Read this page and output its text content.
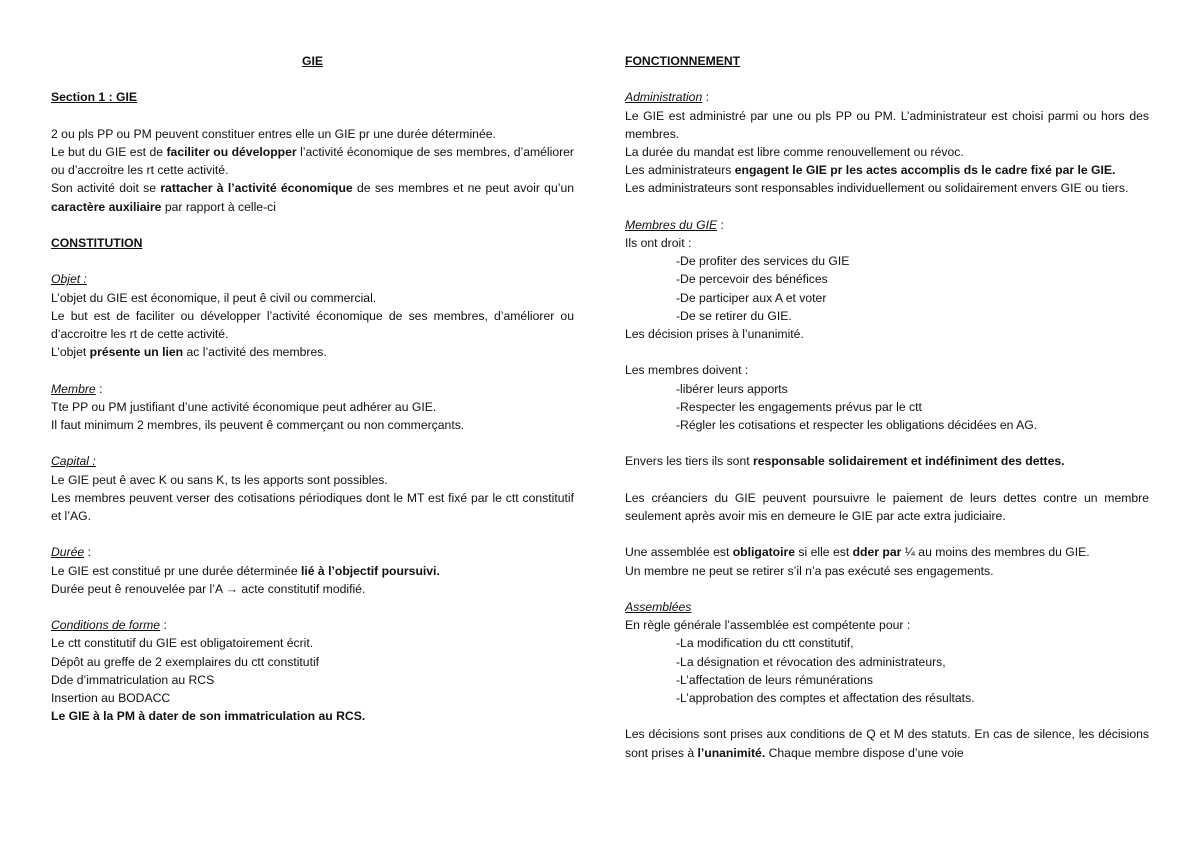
GIE

Section 1 : GIE

2 ou pls PP ou PM peuvent constituer entres elle un GIE pr une durée déterminée.

Le but du GIE est de faciliter ou développer l’activité économique de ses membres, d’améliorer ou d’accroitre les rt cette activité.

Son activité doit se rattacher à l’activité économique de ses membres et ne peut avoir qu’un caractère auxiliaire par rapport à celle-ci

CONSTITUTION

Objet :

L’objet du GIE est économique, il peut ê civil ou commercial.

Le but est de faciliter ou développer l’activité économique de ses membres, d’améliorer ou d’accroitre les rt de cette activité.

L’objet présente un lien ac l’activité des membres.

Membre :

Tte PP ou PM justifiant d’une activité économique peut adhérer au GIE.

Il faut minimum 2 membres, ils peuvent ê commerçant ou non commerçants.

Capital :

Le GIE peut ê avec K ou sans K, ts les apports sont possibles.

Les membres peuvent verser des cotisations périodiques dont le MT est fixé par le ctt constitutif et l’AG.

Durée :

Le GIE est constitué pr une durée déterminée lié à l’objectif poursuivi.

Durée peut ê renouvelée par l’A → acte constitutif modifié.

Conditions de forme :

Le ctt constitutif du GIE est obligatoirement écrit.

Dépôt au greffe de 2 exemplaires du ctt constitutif

Dde d’immatriculation au RCS

Insertion au BODACC

Le GIE à la PM à dater de son immatriculation au RCS.

FONCTIONNEMENT

Administration :

Le GIE est administré par une ou pls PP ou PM. L’administrateur est choisi parmi ou hors des membres.

La durée du mandat est libre comme renouvellement ou révoc.

Les administrateurs engagent le GIE pr les actes accomplis ds le cadre fixé par le GIE.

Les administrateurs sont responsables individuellement ou solidairement envers GIE ou tiers.

Membres du GIE :

Ils ont droit :

-De profiter des services du GIE

-De percevoir des bénéfices

-De participer aux A et voter

-De se retirer du GIE.

Les décision prises à l’unanimité.

Les membres doivent :

-libérer leurs apports

-Respecter les engagements prévus par le ctt

-Régler les cotisations et respecter les obligations décidées en AG.

Envers les tiers ils sont responsable solidairement et indéfiniment des dettes.

Les créanciers du GIE peuvent poursuivre le paiement de leurs dettes contre un membre seulement après avoir mis en demeure le GIE par acte extra judiciaire.

Une assemblée est obligatoire si elle est dder par ¼ au moins des membres du GIE.

Un membre ne peut se retirer s’il n’a pas exécuté ses engagements.

Assemblées

En règle générale l’assemblée est compétente pour :

-La modification du ctt constitutif,

-La désignation et révocation des administrateurs,

-L’affectation de leurs rémunérations

-L’approbation des comptes et affectation des résultats.

Les décisions sont prises aux conditions de Q et M des statuts. En cas de silence, les décisions sont prises à l’unanimité. Chaque membre dispose d’une voie
